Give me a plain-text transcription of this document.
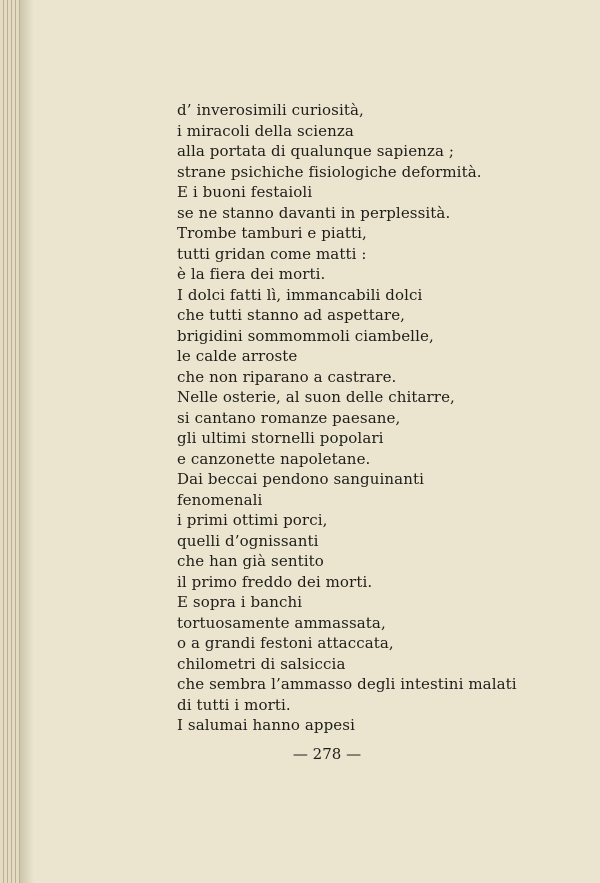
d’ inverosimili curiosità,
i miracoli della scienza
alla portata di qualunque sapienza ;
strane psichiche fisiologiche deformità.
E i buoni festaioli
se ne stanno davanti in perplessità.
Trombe tamburi e piatti,
tutti gridan come matti :
è la fiera dei morti.
I dolci fatti lì, immancabili dolci
che tutti stanno ad aspettare,
brigidini sommommoli ciambelle,
le calde arroste
che non riparano a castrare.
Nelle osterie, al suon delle chitarre,
si cantano romanze paesane,
gli ultimi stornelli popolari
e canzonette napoletane.
Dai beccai pendono sanguinanti
fenomenali
i primi ottimi porci,
quelli d’ognissanti
che han già sentito
il primo freddo dei morti.
E sopra i banchi
tortuosamente ammassata,
o a grandi festoni attaccata,
chilometri di salsiccia
che sembra l’ammasso degli intestini malati
di tutti i morti.
I salumai hanno appesi
— 278 —
